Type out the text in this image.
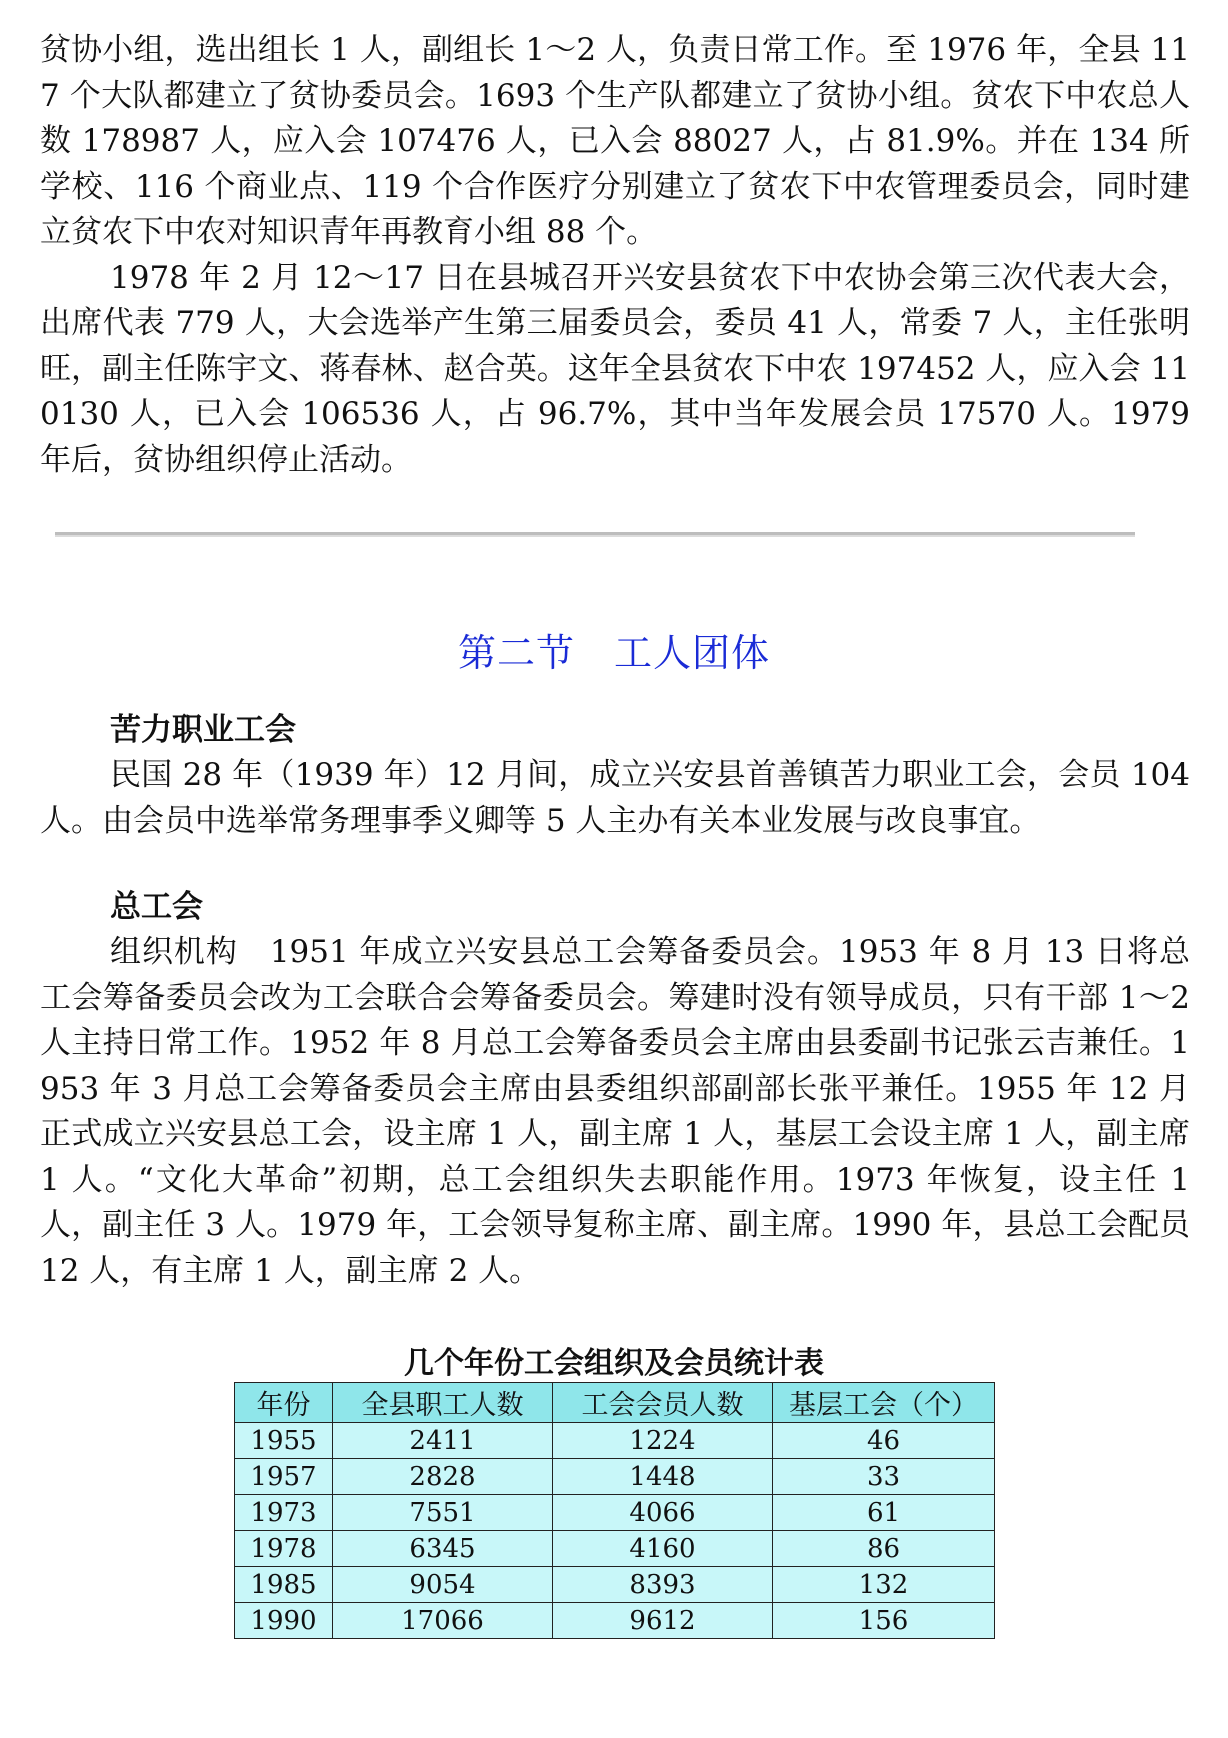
贫协小组，选出组长 1 人，副组长 1～2 人，负责日常工作。至 1976 年，全县 117 个大队都建立了贫协委员会。1693 个生产队都建立了贫协小组。贫农下中农总人数 178987 人，应入会 107476 人，已入会 88027 人，占 81.9%。并在 134 所学校、116 个商业点、119 个合作医疗分别建立了贫农下中农管理委员会，同时建立贫农下中农对知识青年再教育小组 88 个。

1978 年 2 月 12～17 日在县城召开兴安县贫农下中农协会第三次代表大会，出席代表 779 人，大会选举产生第三届委员会，委员 41 人，常委 7 人，主任张明旺，副主任陈宇文、蒋春林、赵合英。这年全县贫农下中农 197452 人，应入会 110130 人，已入会 106536 人，占 96.7%，其中当年发展会员 17570 人。1979 年后，贫协组织停止活动。

第二节　工人团体

苦力职业工会

民国 28 年（1939 年）12 月间，成立兴安县首善镇苦力职业工会，会员 104 人。由会员中选举常务理事季义卿等 5 人主办有关本业发展与改良事宜。

总工会

组织机构　1951 年成立兴安县总工会筹备委员会。1953 年 8 月 13 日将总工会筹备委员会改为工会联合会筹备委员会。筹建时没有领导成员，只有干部 1～2 人主持日常工作。1952 年 8 月总工会筹备委员会主席由县委副书记张云吉兼任。1953 年 3 月总工会筹备委员会主席由县委组织部副部长张平兼任。1955 年 12 月正式成立兴安县总工会，设主席 1 人，副主席 1 人，基层工会设主席 1 人，副主席 1 人。“文化大革命”初期，总工会组织失去职能作用。1973 年恢复，设主任 1 人，副主任 3 人。1979 年，工会领导复称主席、副主席。1990 年，县总工会配员 12 人，有主席 1 人，副主席 2 人。

几个年份工会组织及会员统计表
年份	全县职工人数	工会会员人数	基层工会（个）
1955	2411	1224	46
1957	2828	1448	33
1973	7551	4066	61
1978	6345	4160	86
1985	9054	8393	132
1990	17066	9612	156
